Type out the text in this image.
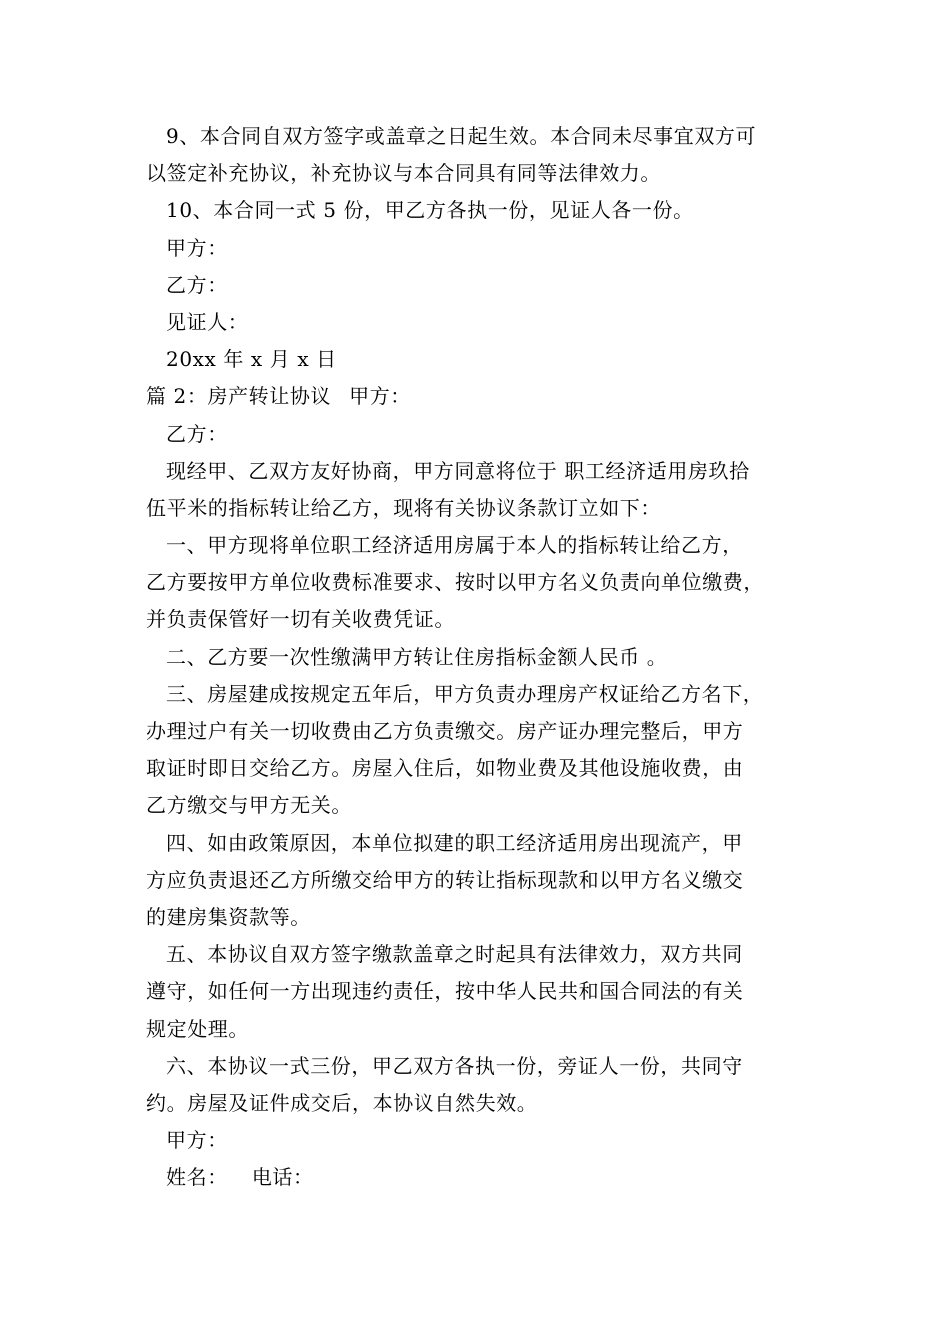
9、本合同自双方签字或盖章之日起生效。本合同未尽事宜双方可
以签定补充协议，补充协议与本合同具有同等法律效力。
10、本合同一式 5 份，甲乙方各执一份，见证人各一份。
甲方：
乙方：
见证人：
20xx 年 x 月 x 日
篇 2：房产转让协议 甲方：
乙方：
现经甲、乙双方友好协商，甲方同意将位于 职工经济适用房玖拾
伍平米的指标转让给乙方，现将有关协议条款订立如下：
一、甲方现将单位职工经济适用房属于本人的指标转让给乙方，
乙方要按甲方单位收费标准要求、按时以甲方名义负责向单位缴费，
并负责保管好一切有关收费凭证。
二、乙方要一次性缴满甲方转让住房指标金额人民币 。
三、房屋建成按规定五年后，甲方负责办理房产权证给乙方名下，
办理过户有关一切收费由乙方负责缴交。房产证办理完整后，甲方
取证时即日交给乙方。房屋入住后，如物业费及其他设施收费，由
乙方缴交与甲方无关。
四、如由政策原因，本单位拟建的职工经济适用房出现流产，甲
方应负责退还乙方所缴交给甲方的转让指标现款和以甲方名义缴交
的建房集资款等。
五、本协议自双方签字缴款盖章之时起具有法律效力，双方共同
遵守，如任何一方出现违约责任，按中华人民共和国合同法的有关
规定处理。
六、本协议一式三份，甲乙双方各执一份，旁证人一份，共同守
约。房屋及证件成交后，本协议自然失效。
甲方：
姓名： 电话：
